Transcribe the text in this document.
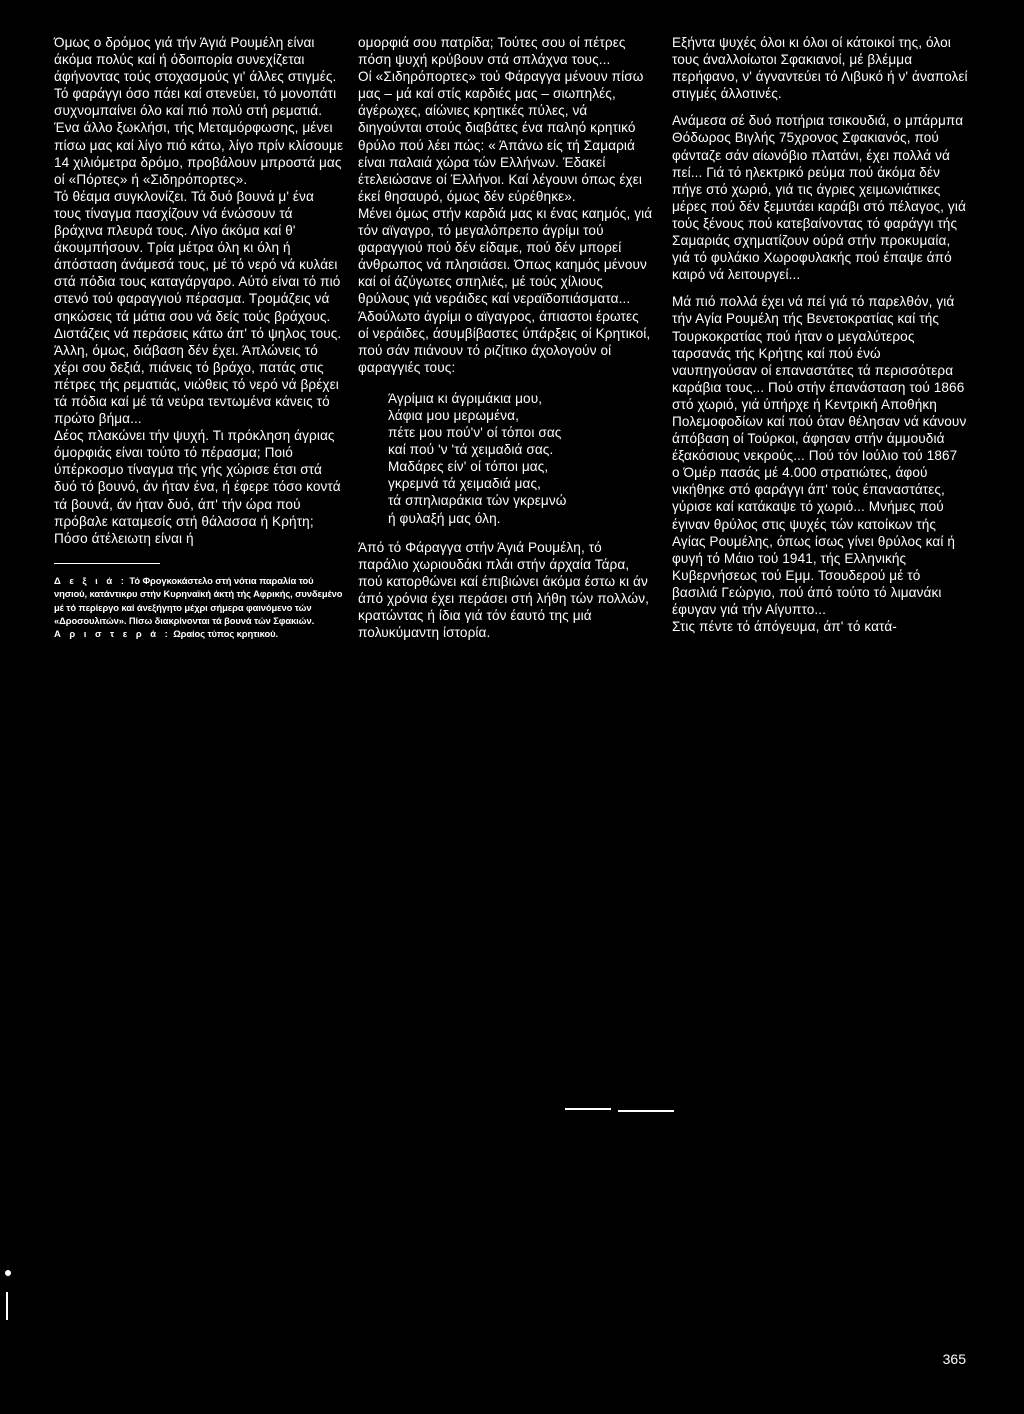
Όμως ο δρόμος γιά τήν Άγιά Ρουμέλη είναι άκόμα πολύς καί ή όδοιπορία συνεχίζεται άφήνοντας τούς στοχασμούς γι' άλλες στιγμές. Τό φαράγγι όσο πάει καί στενεύει, τό μονοπάτι συχνομπαίνει όλο καί πιό πολύ στή ρεματιά. Ένα άλλο ξωκλήσι, τής Μεταμόρφωσης, μένει πίσω μας καί λίγο πιό κάτω, λίγο πρίν κλίσουμε 14 χιλιόμετρα δρόμο, προβάλουν μπροστά μας οί «Πόρτες» ή «Σιδηρόπορτες».

Τό θέαμα συγκλονίζει. Τά δυό βουνά μ' ένα τους τίναγμα πασχίζουν νά ένώσουν τά βράχινα πλευρά τους. Λίγο άκόμα καί θ' άκουμπήσουν. Τρία μέτρα όλη κι όλη ή άπόσταση άνάμεσά τους, μέ τό νερό νά κυλάει στά πόδια τους καταγάργαρο. Αύτό είναι τό πιό στενό τού φαραγγιού πέρασμα. Τρομάζεις νά σηκώσεις τά μάτια σου νά δείς τούς βράχους. Διστάζεις νά περάσεις κάτω άπ' τό ψηλος τους. Άλλη, όμως, διάβαση δέν έχει. Άπλώνεις τό χέρι σου δεξιά, πιάνεις τό βράχο, πατάς στις πέτρες τής ρεματιάς, νιώθεις τό νερό νά βρέχει τά πόδια καί μέ τά νεύρα τεντωμένα κάνεις τό πρώτο βήμα...

Δέος πλακώνει τήν ψυχή. Τι πρόκληση άγριας όμορφιάς είναι τούτο τό πέρασμα; Ποιό ύπέρκοσμο τίναγμα τής γής χώρισε έτσι στά δυό τό βουνό, άν ήταν ένα, ή έφερε τόσο κοντά τά βουνά, άν ήταν δυό, άπ' τήν ώρα πού πρόβαλε καταμεσίς στή θάλασσα ή Κρήτη; Πόσο άτέλειωτη είναι ή

Δ ε ξ ι ά : Τό Φρογκοκάστελο στή νότια παραλία τού νησιού, κατάντικρυ στήν Κυρηναϊκή άκτή τής Αφρικής, συνδεμένο μέ τό περίεργο καί άνεξήγητο μέχρι σήμερα φαινόμενο τών «Δροσουλιτών». Πίσω διακρίνονται τά βουνά τών Σφακιών.
Α ρ ι σ τ ε ρ ά : Ωραίος τύπος κρητικού.

ομορφιά σου πατρίδα; Τούτες σου οί πέτρες πόση ψυχή κρύβουν στά σπλάχνα τους...

Οί «Σιδηρόπορτες» τού Φάραγγα μένουν πίσω μας – μά καί στίς καρδιές μας – σιωπηλές, άγέρωχες, αίώνιες κρητικές πύλες, νά διηγούνται στούς διαβάτες ένα παληό κρητικό θρύλο πού λέει πώς: « Άπάνω είς τή Σαμαριά είναι παλαιά χώρα τών Ελλήνων. Έδακεί έτελειώσανε οί Έλλήνοι. Καί λέγουνι όπως έχει έκεί θησαυρό, όμως δέν εύρέθηκε».

Μένει όμως στήν καρδιά μας κι ένας καημός, γιά τόν αϊγαγρο, τό μεγαλόπρεπο άγρίμι τού φαραγγιού πού δέν είδαμε, πού δέν μπορεί άνθρωπος νά πλησιάσει. Όπως καημός μένουν καί οί άζύγωτες σπηλιές, μέ τούς χίλιους θρύλους γιά νεράιδες καί νεραϊδοπιάσματα... Άδούλωτο άγρίμι ο αϊγαγρος, άπιαστοι έρωτες οί νεράιδες, άσυμβίβαστες ύπάρξεις οί Κρητικοί, πού σάν πιάνουν τό ριζίτικο άχολογούν οί φαραγγιές τους:

Άγρίμια κι άγριμάκια μου,
λάφια μου μερωμένα,
πέτε μου πού'ν' οί τόποι σας
καί πού 'ν 'τά χειμαδιά σας.
Μαδάρες είν' οί τόποι μας,
γκρεμνά τά χειμαδιά μας,
τά σπηλιαράκια τών γκρεμνώ
ή φυλαξή μας όλη.

Άπό τό Φάραγγα στήν Άγιά Ρουμέλη, τό παράλιο χωριουδάκι πλάι στήν άρχαία Τάρα, πού κατορθώνει καί έπιβιώνει άκόμα έστω κι άν άπό χρόνια έχει περάσει στή λήθη τών πολλών, κρατώντας ή ίδια γιά τόν έαυτό της μιά πολυκύμαντη ίστορία.

Εξήντα ψυχές όλοι κι όλοι οί κάτοικοί της, όλοι τους άναλλοίωτοι Σφακιανοί, μέ βλέμμα περήφανο, ν' άγναντεύει τό Λιβυκό ή ν' άναπολεί στιγμές άλλοτινές.

Ανάμεσα σέ δυό ποτήρια τσικουδιά, ο μπάρμπα Θόδωρος Βιγλής 75χρονος Σφακιανός, πού φάνταζε σάν αίωνόβιο πλατάνι, έχει πολλά νά πεί... Γιά τό ηλεκτρικό ρεύμα πού άκόμα δέν πήγε στό χωριό, γιά τις άγριες χειμωνιάτικες μέρες πού δέν ξεμυτάει καράβι στό πέλαγος, γιά τούς ξένους πού κατεβαίνοντας τό φαράγγι τής Σαμαριάς σχηματίζουν ούρά στήν προκυμαία, γιά τό φυλάκιο Χωροφυλακής πού έπαψε άπό καιρό νά λειτουργεί...

Μά πιό πολλά έχει νά πεί γιά τό παρελθόν, γιά τήν Αγία Ρουμέλη τής Βενετοκρατίας καί τής Τουρκοκρατίας πού ήταν ο μεγαλύτερος ταρσανάς τής Κρήτης καί πού ένώ ναυπηγούσαν οί επαναστάτες τά περισσότερα καράβια τους... Πού στήν έπανάσταση τού 1866 στό χωριό, γιά ύπήρχε ή Κεντρική Αποθήκη Πολεμοφοδίων καί πού όταν θέλησαν νά κάνουν άπόβαση οί Τούρκοι, άφησαν στήν άμμουδιά έξακόσιους νεκρούς... Πού τόν Ιούλιο τού 1867 ο Όμέρ πασάς μέ 4.000 στρατιώτες, άφού νικήθηκε στό φαράγγι άπ' τούς έπαναστάτες, γύρισε καί κατάκαψε τό χωριό... Μνήμες πού έγιναν θρύλος στις ψυχές τών κατοίκων τής Αγίας Ρουμέλης, όπως ίσως γίνει θρύλος καί ή φυγή τό Μάιο τού 1941, τής Ελληνικής Κυβερνήσεως τού Εμμ. Τσουδερού μέ τό βασιλιά Γεώργιο, πού άπό τούτο τό λιμανάκι έφυγαν γιά τήν Αίγυπτο...

Στις πέντε τό άπόγευμα, άπ' τό κατά-

365
